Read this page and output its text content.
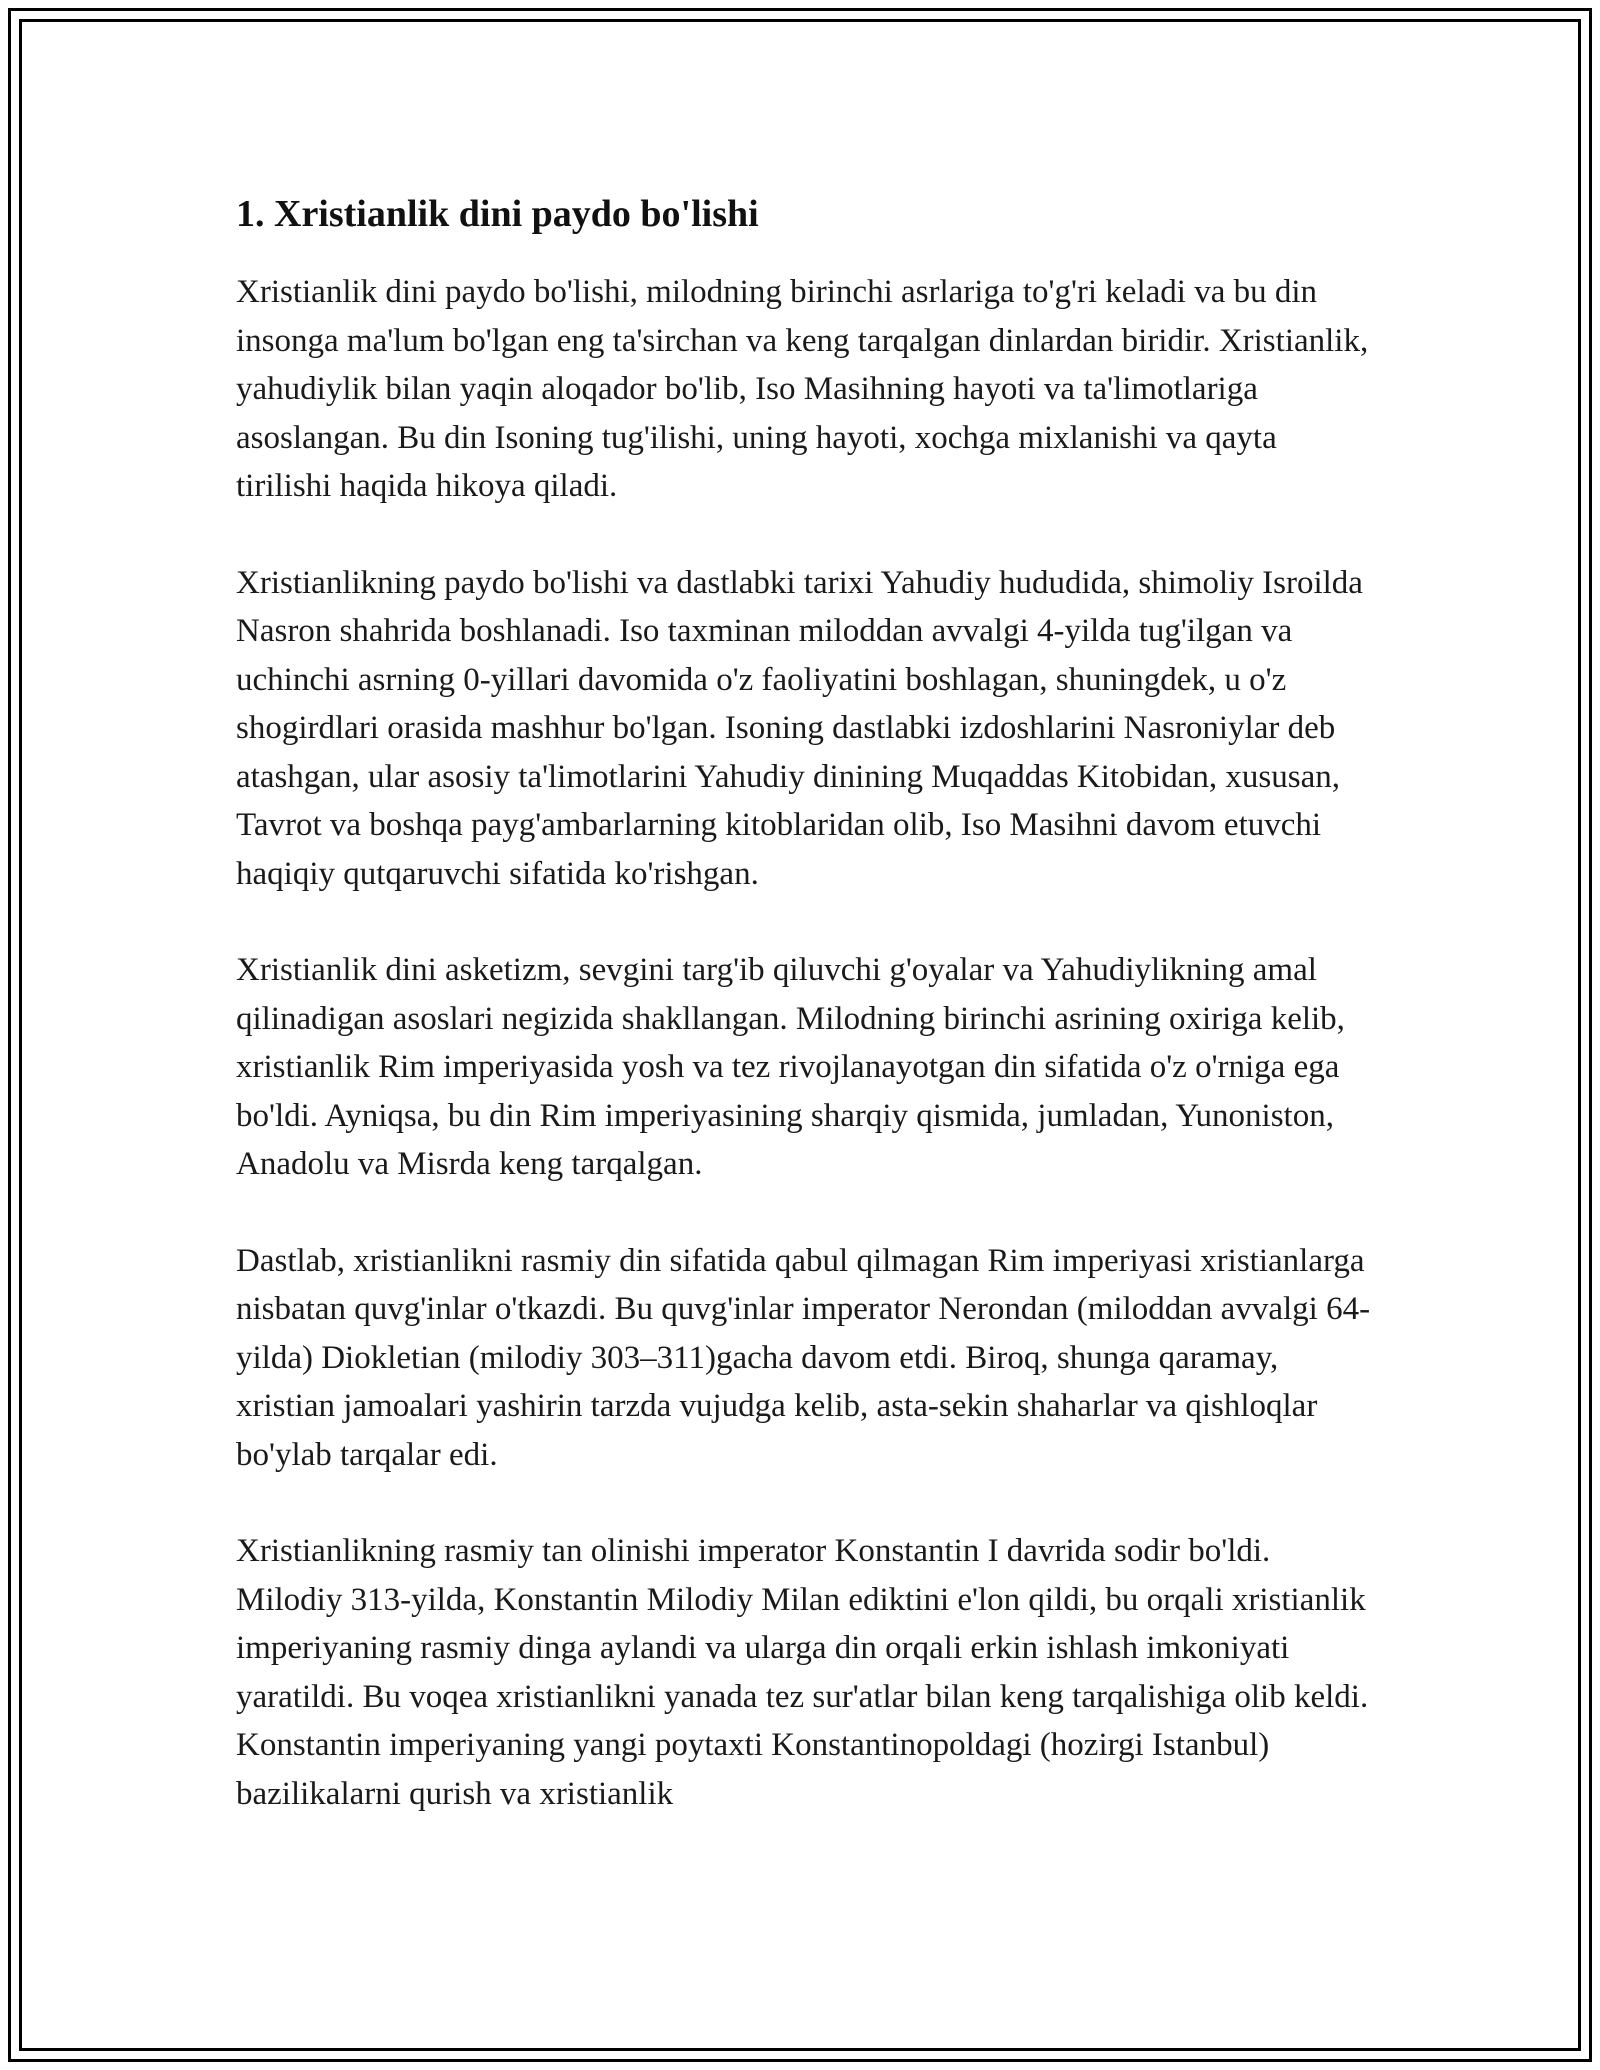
1. Xristianlik dini paydo bo'lishi

Xristianlik dini paydo bo'lishi, milodning birinchi asrlariga to'g'ri keladi va bu din insonga ma'lum bo'lgan eng ta'sirchan va keng tarqalgan dinlardan biridir. Xristianlik, yahudiylik bilan yaqin aloqador bo'lib, Iso Masihning hayoti va ta'limotlariga asoslangan. Bu din Isoning tug'ilishi, uning hayoti, xochga mixlanishi va qayta tirilishi haqida hikoya qiladi.

Xristianlikning paydo bo'lishi va dastlabki tarixi Yahudiy hududida, shimoliy Isroilda Nasron shahrida boshlanadi. Iso taxminan miloddan avvalgi 4-yilda tug'ilgan va uchinchi asrning 0-yillari davomida o'z faoliyatini boshlagan, shuningdek, u o'z shogirdlari orasida mashhur bo'lgan. Isoning dastlabki izdoshlarini Nasroniylar deb atashgan, ular asosiy ta'limotlarini Yahudiy dinining Muqaddas Kitobidan, xususan, Tavrot va boshqa payg'ambarlarning kitoblaridan olib, Iso Masihni davom etuvchi haqiqiy qutqaruvchi sifatida ko'rishgan.

Xristianlik dini asketizm, sevgini targ'ib qiluvchi g'oyalar va Yahudiylikning amal qilinadigan asoslari negizida shakllangan. Milodning birinchi asrining oxiriga kelib, xristianlik Rim imperiyasida yosh va tez rivojlanayotgan din sifatida o'z o'rniga ega bo'ldi. Ayniqsa, bu din Rim imperiyasining sharqiy qismida, jumladan, Yunoniston, Anadolu va Misrda keng tarqalgan.

Dastlab, xristianlikni rasmiy din sifatida qabul qilmagan Rim imperiyasi xristianlarga nisbatan quvg'inlar o'tkazdi. Bu quvg'inlar imperator Nerondan (miloddan avvalgi 64-yilda) Diokletian (milodiy 303–311)gacha davom etdi. Biroq, shunga qaramay, xristian jamoalari yashirin tarzda vujudga kelib, asta-sekin shaharlar va qishloqlar bo'ylab tarqalar edi.

Xristianlikning rasmiy tan olinishi imperator Konstantin I davrida sodir bo'ldi. Milodiy 313-yilda, Konstantin Milodiy Milan ediktini e'lon qildi, bu orqali xristianlik imperiyaning rasmiy dinga aylandi va ularga din orqali erkin ishlash imkoniyati yaratildi. Bu voqea xristianlikni yanada tez sur'atlar bilan keng tarqalishiga olib keldi. Konstantin imperiyaning yangi poytaxti Konstantinopoldagi (hozirgi Istanbul) bazilikalarni qurish va xristianlik
